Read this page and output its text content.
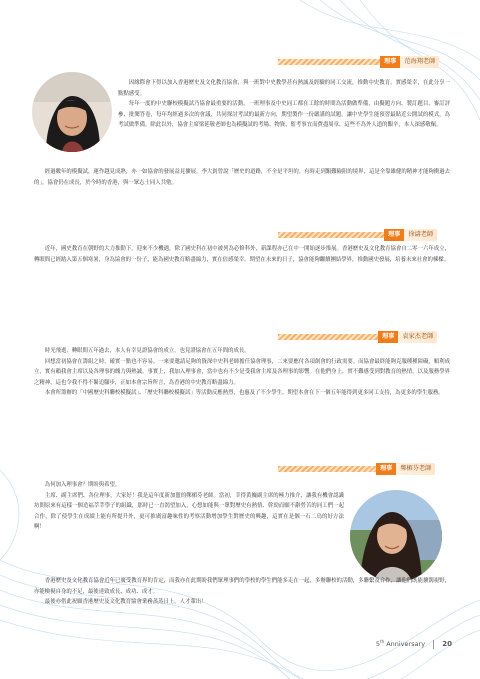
理事 范海翔老師

因緣際會下得以加入香港歷史及文化教育協會，與一班對中史教學甚有熱誠及經驗的同工交流，推動中史教育，實感榮幸，在此分享一點點感受。

每年一度的中史聯校模擬試乃協會最重要的活動，一班理事及中史同工都在工餘的時間為活動做準備，由擬題方向、製訂題目、審訂評參、批閱答卷，每年均經過多次的會議，共同探討考試的最新方向，期望製作一份嚴謹的試題，讓中史學生能預習最貼近公開試的模式，為考試做準備。除此以外，協會主席梁延敬老師也為模擬試的考場、物資、監考事宜而費盡周章，這些不為外人道的艱辛，本人深感敬佩。

經過數年的模擬試，運作越見成熟，亦一如協會的發展益見擴展。李大釗曾說「歷史的道路，不全是平坦的。有時走到艱難險阻的境界，這是全靠雄健的精神才能夠衝過去的」，協會仍在成長，於今時的香港，與一眾志士同人共勉。

理事 徐濤老師

近年，國史教育在朝野的大力推動下，迎來不少機遇，除了國史科在初中被列為必修科外，新課程亦已在中一開始逐步推展。香港歷史及文化教育協會自二零一六年成立，轉眼間已經踏入第五個寒暑，身為協會的一份子，能為國史教育略盡綿力，實在倍感榮幸。期望在未來的日子，協會能夠繼續團結學界，推動國史發展，培養未來社會的棟樑。

理事 袁家杰老師

時光飛逝，轉眼間五年過去，本人有幸見證協會的成立，也見證協會在五年間的成長。

回想當初協會在籌組之時，確實一點也不容易。一來要邀請足夠的資深中史科老師擔任協會理事，二來要應付各項創會的行政需要。而協會最終能夠克服種種障礙，順利成立，實有賴我會主席以及各理事的魄力與熱誠。事實上，我加入理事會，當中也有不少是受我會主席及各理事的影響。在他們身上，實不難感受到對教育的熱情，以及服務學界之精神，這也令我不得不緊追腳步，正如本會宗旨所言，為香港的中史教育略盡綿力。

本會所籌辦的「中國歷史科聯校模擬試」、「歷史科聯校模擬試」等活動反應熱烈，也惠及了不少學生。期望本會在下一個五年能得到更多同工支持，為更多的學生服務。

理事 鄭楣芬老師

為何加入理事會？期盼與希望。

主席、副主席們、各位理事，大家好！我是這年度新加盟的鄭楣芬老師。當初，幸得黃巍副主席的極力推介，讓我有機會認識坊間原來有這樣一個造福莘莘學子的組織，那時已一直渴望加入，心想如能與一眾對歷史有熱情、幹勁而願不辭勞苦的同工們一起合作，除了使學生在成績上能有所提升外，更可推廣富趣味性的考察活動增加學生對歷史的興趣，這實在是個一石二鳥的好方法啊！

香港歷史及文化教育協會近年已廣受教育界的肯定，而我亦在此期盼我們眾理事們的學校的學生們能多走在一起，多辦聯校的活動，多聯繫及合作，讓他們既能擴闊視野，亦能檢視自身的不足，最後達致成長、成功、成才。

最後亦借此祝願香港歷史及文化教育協會業務蒸蒸日上，人才輩出！

5th Anniversary 20
